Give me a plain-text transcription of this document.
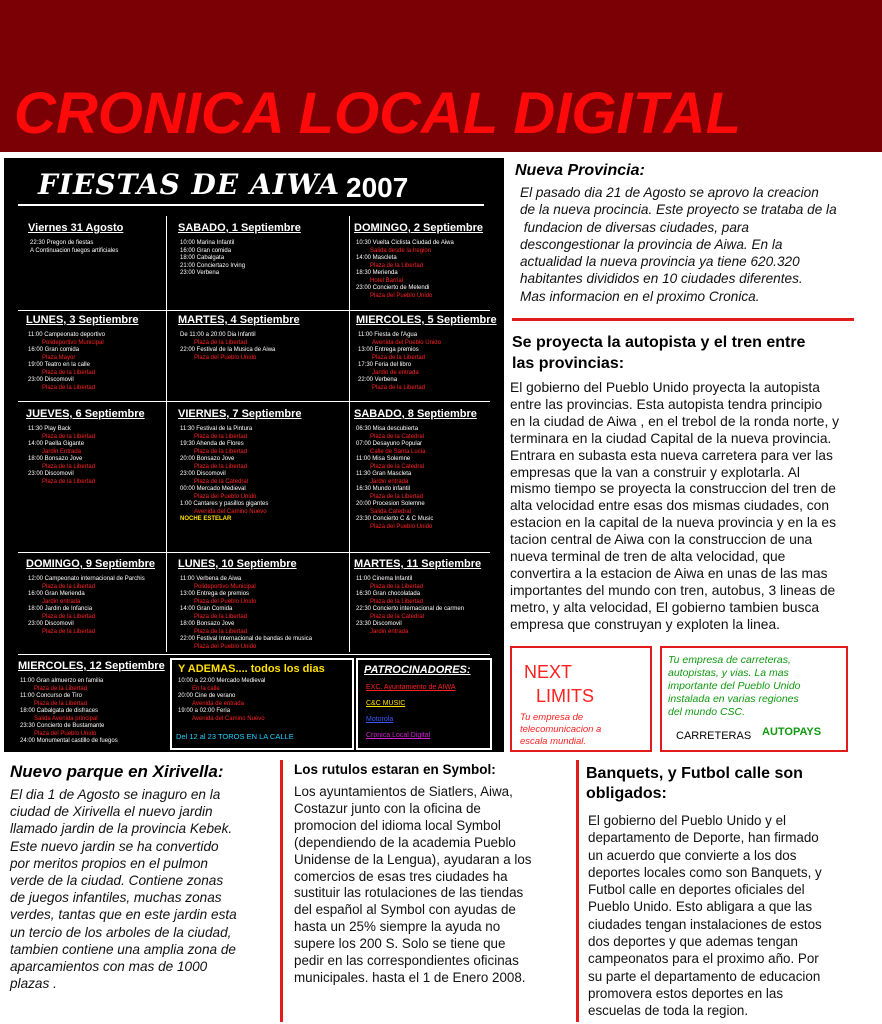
CRONICA LOCAL DIGITAL
FIESTAS DE AIWA 2007
Viernes 31 Agosto
22:30 Pregon de fiestas
A Continuacion fuegos artificiales
SABADO, 1 Septiembre
10:00 Marina Infantil
16:00 Gran comida
18:00 Cabalgata
21:00 Conciertazo Irving
23:00 Verbena
DOMINGO, 2 Septiembre
10:30 Vuelta Ciclista Ciudad de Aiwa
Salida desde la Iregion
14:00 Mascleta
Plaza de la Libertad
18:30 Merienda
Hotel Barrial
23:00 Concierto de Melendi
Plaza del Pueblo Unido
LUNES, 3 Septiembre
11:00 Campeonato deportivo
Polideportivo Municipal
16:00 Gran comida
Plaza Mayor
19:00 Teatro en la calle
Plaza de la Libertad
23:00 Discomovil
Plaza de la Libertad
MARTES, 4 Septiembre
De 11:00 a 20:00 Dia Infantil
Plaza de la Libertad
22:00 Festival de la Musica de Aiwa
Plaza del Pueblo Unido
MIERCOLES, 5 Septiembre
11:00 Fiesta de l'Agua
Avenida del Pueblo Unido
13:00 Entrega premios
Plaza de la Libertad
17:30 Feria del libro
Jardin de entrada
22:00 Verbena
Plaza de la Libertad
JUEVES, 6 Septiembre
11:30 Play Back
Plaza de la Libertad
14:00 Paella Gigante
Jardin Entrada
18:00 Bonsazo Jove
Plaza de la Libertad
23:00 Discomovil
Plaza de la Libertad
VIERNES, 7 Septiembre
11:30 Festival de la Pintura
Plaza de la Libertad
19:30 Ahenda de Flores
Plaza de la Libertad
20:00 Bonsazo Jove
Plaza de la Libertad
23:00 Discomovil
Plaza de la Catedral
00:00 Mercado Medieval
Plaza del Pueblo Unido
1:00 Cantares y pasillos gigantes
Avenida del Camino Nuevo
NOCHE ESTELAR
SABADO, 8 Septiembre
06:30 Misa descubierta
Plaza de la Catedral
07:00 Desayuno Popular
Calle de Santa Lucia
11:00 Misa Solemne
Plaza de la Catedral
11:30 Gran Mascleta
Jardin entrada
16:30 Mundo infantil
Plaza de la Libertad
20:00 Procesion Solemne
Salida Catedral
23:30 Concierto C & C Music
Plaza del Pueblo Unido
DOMINGO, 9 Septiembre
12:00 Campeonato internacional de Parchis
Plaza de la Libertad
16:00 Gran Merienda
Jardin entrada
18:00 Jardin de Infancia
Plaza de la Libertad
23:00 Discomovil
Plaza de la Libertad
LUNES, 10 Septiembre
11:00 Verbena de Aiwa
Polideportivo Municipal
13:00 Entrega de premios
Plaza del Pueblo Unido
14:00 Gran Comida
Plaza de la Libertad
18:00 Bonsazo Jove
Plaza de la Libertad
22:00 Festival Internacional de bandas de musica
Plaza del Pueblo Unido
MARTES, 11 Septiembre
11:00 Cinema Infantil
Plaza de la Libertad
16:30 Gran chocolatada
Plaza de la Libertad
22:30 Concierto internacional de carmen
Plaza de la Catedral
23:30 Discomovil
Jardin entrada
MIERCOLES, 12 Septiembre
11:00 Gran almuerzo en familia
Plaza de la Libertad
11:00 Concurso de Tiro
Plaza de la Libertad
18:00 Cabalgata de disfraces
Salida Avenida principal
23:30 Concierto de Bustamante
Plaza del Pueblo Unido
24:00 Monumental castillo de fuegos
Y ADEMAS.... todos los dias
10:00 a 22:00 Mercado Medieval
En la calle
20:00 Cine de verano
Avenida de entrada
19:00 a 02:00 Feria
Avenida del Camino Nuevo
Del 12 al 23 TOROS EN LA CALLE
PATROCINADORES:
EXC. Ayuntamiento de AIWA
C&C MUSIC
Motorola
Cronica Local Digital
Nueva Provincia:
El pasado dia 21 de Agosto se aprovo la creacion
de la nueva procincia. Este proyecto se trataba de la
fundacion de diversas ciudades, para
descongestionar la provincia de Aiwa. En la
actualidad la nueva provincia ya tiene 620.320
habitantes divididos en 10 ciudades diferentes.
Mas informacion en el proximo Cronica.
Se proyecta la autopista y el tren entre
las provincias:
El gobierno del Pueblo Unido proyecta la autopista
entre las provincias. Esta autopista tendra principio
en la ciudad de Aiwa , en el trebol de la ronda norte, y
terminara en la ciudad Capital de la nueva provincia.
Entrara en subasta esta nueva carretera para ver las
empresas que la van a construir y explotarla. Al
mismo tiempo se proyecta la construccion del tren de
alta velocidad entre esas dos mismas ciudades, con
estacion en la capital de la nueva provincia y en la es
tacion central de Aiwa con la construccion de una
nueva terminal de tren de alta velocidad, que
convertira a la estacion de Aiwa en unas de las mas
importantes del mundo con tren, autobus, 3 lineas de
metro, y alta velocidad, El gobierno tambien busca
empresa que construyan y exploten la linea.
NEXT
LIMITS
Tu empresa de
telecomunicacion a
escala mundial.
Tu empresa de carreteras,
autopistas, y vias. La mas
importante del Pueblo Unido
instalada en varias regiones
del mundo CSC.
CARRETERAS AUTOPAYS
Nuevo parque en Xirivella:
El dia 1 de Agosto se inaguro en la
ciudad de Xirivella el nuevo jardin
llamado jardin de la provincia Kebek.
Este nuevo jardin se ha convertido
por meritos propios en el pulmon
verde de la ciudad. Contiene zonas
de juegos infantiles, muchas zonas
verdes, tantas que en este jardin esta
un tercio de los arboles de la ciudad,
tambien contiene una amplia zona de
aparcamientos con mas de 1000
plazas .
Los rutulos estaran en Symbol:
Los ayuntamientos de Siatlers, Aiwa,
Costazur junto con la oficina de
promocion del idioma local Symbol
(dependiendo de la academia Pueblo
Unidense de la Lengua), ayudaran a los
comercios de esas tres ciudades ha
sustituir las rotulaciones de las tiendas
del español al Symbol con ayudas de
hasta un 25% siempre la ayuda no
supere los 200 S. Solo se tiene que
pedir en las correspondientes oficinas
municipales. hasta el 1 de Enero 2008.
Banquets, y Futbol calle son
obligados:
El gobierno del Pueblo Unido y el
departamento de Deporte, han firmado
un acuerdo que convierte a los dos
deportes locales como son Banquets, y
Futbol calle en deportes oficiales del
Pueblo Unido. Esto abligara a que las
ciudades tengan instalaciones de estos
dos deportes y que ademas tengan
campeonatos para el proximo año. Por
su parte el departamento de educacion
promovera estos deportes en las
escuelas de toda la region.
